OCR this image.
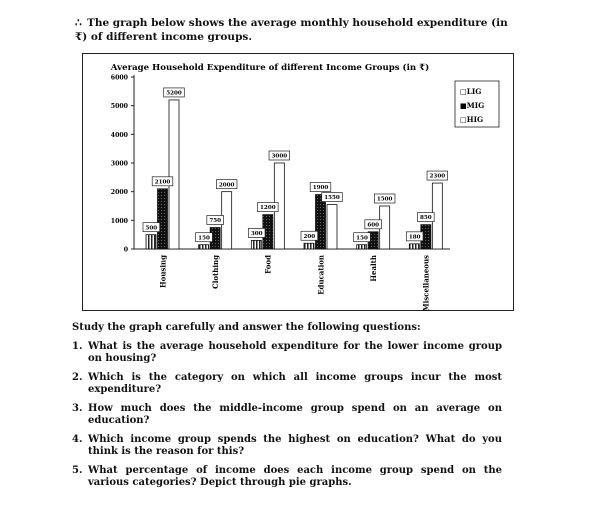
∴ The graph below shows the average monthly household expenditure (in ₹) of different income groups.
Average Household Expenditure of different Income Groups (in ₹)
0
1000
2000
3000
4000
5000
6000
Housing	Clothing	Food	Education	Health	Miscellaneous
500
2100
5200
150
750
2000
300
1200
3000
200
1900
1550
150
600
1500
180
850
2300
□LIG
■MIG
□HIG
Study the graph carefully and answer the following questions:
1. What is the average household expenditure for the lower income group on housing?
2. Which is the category on which all income groups incur the most expenditure?
3. How much does the middle-income group spend on an average on education?
4. Which income group spends the highest on education? What do you think is the reason for this?
5. What percentage of income does each income group spend on the various categories? Depict through pie graphs.
